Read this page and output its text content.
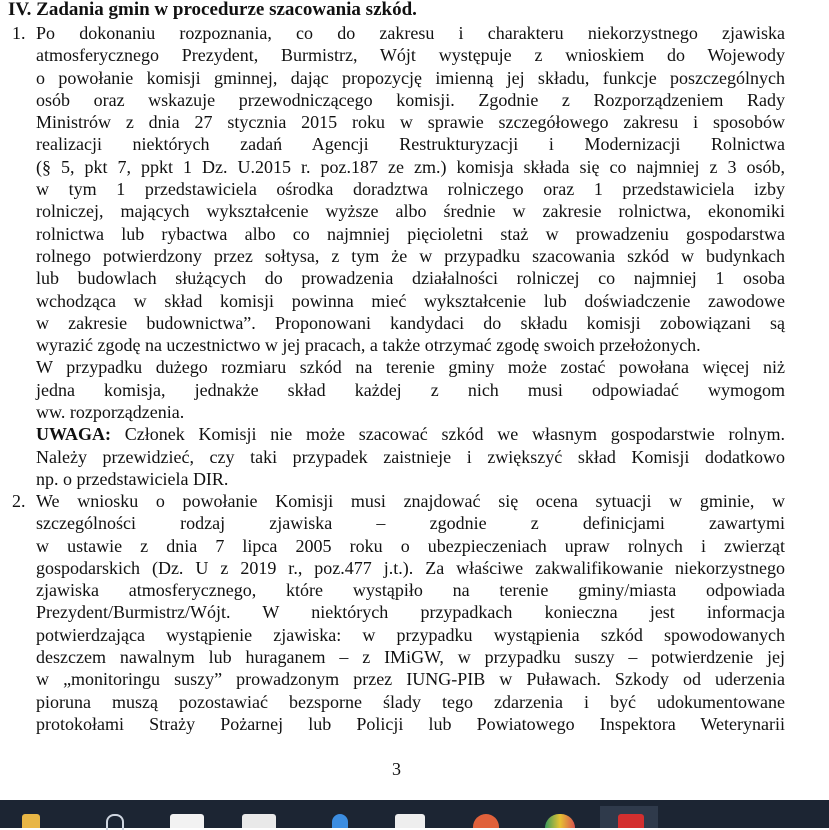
IV. Zadania gmin w procedurze szacowania szkód.
1. Po dokonaniu rozpoznania, co do zakresu i charakteru niekorzystnego zjawiska
atmosferycznego Prezydent, Burmistrz, Wójt występuje z wnioskiem do Wojewody
o powołanie komisji gminnej, dając propozycję imienną jej składu, funkcje poszczególnych
osób oraz wskazuje przewodniczącego komisji. Zgodnie z Rozporządzeniem Rady
Ministrów z dnia 27 stycznia 2015 roku w sprawie szczegółowego zakresu i sposobów
realizacji niektórych zadań Agencji Restrukturyzacji i Modernizacji Rolnictwa
(§ 5, pkt 7, ppkt 1 Dz. U.2015 r. poz.187 ze zm.) komisja składa się co najmniej z 3 osób,
w tym 1 przedstawiciela ośrodka doradztwa rolniczego oraz 1 przedstawiciela izby
rolniczej, mających wykształcenie wyższe albo średnie w zakresie rolnictwa, ekonomiki
rolnictwa lub rybactwa albo co najmniej pięcioletni staż w prowadzeniu gospodarstwa
rolnego potwierdzony przez sołtysa, z tym że w przypadku szacowania szkód w budynkach
lub budowlach służących do prowadzenia działalności rolniczej co najmniej 1 osoba
wchodząca w skład komisji powinna mieć wykształcenie lub doświadczenie zawodowe
w zakresie budownictwa”. Proponowani kandydaci do składu komisji zobowiązani są
wyrazić zgodę na uczestnictwo w jej pracach, a także otrzymać zgodę swoich przełożonych.
W przypadku dużego rozmiaru szkód na terenie gminy może zostać powołana więcej niż
jedna komisja, jednakże skład każdej z nich musi odpowiadać wymogom
ww. rozporządzenia.
UWAGA: Członek Komisji nie może szacować szkód we własnym gospodarstwie rolnym.
Należy przewidzieć, czy taki przypadek zaistnieje i zwiększyć skład Komisji dodatkowo
np. o przedstawiciela DIR.
2. We wniosku o powołanie Komisji musi znajdować się ocena sytuacji w gminie, w
szczególności rodzaj zjawiska – zgodnie z definicjami zawartymi
w ustawie z dnia 7 lipca 2005 roku o ubezpieczeniach upraw rolnych i zwierząt
gospodarskich (Dz. U z 2019 r., poz.477 j.t.). Za właściwe zakwalifikowanie niekorzystnego
zjawiska atmosferycznego, które wystąpiło na terenie gminy/miasta odpowiada
Prezydent/Burmistrz/Wójt. W niektórych przypadkach konieczna jest informacja
potwierdzająca wystąpienie zjawiska: w przypadku wystąpienia szkód spowodowanych
deszczem nawalnym lub huraganem – z IMiGW, w przypadku suszy – potwierdzenie jej
w „monitoringu suszy” prowadzonym przez IUNG-PIB w Puławach. Szkody od uderzenia
pioruna muszą pozostawiać bezsporne ślady tego zdarzenia i być udokumentowane
protokołami Straży Pożarnej lub Policji lub Powiatowego Inspektora Weterynarii
3
